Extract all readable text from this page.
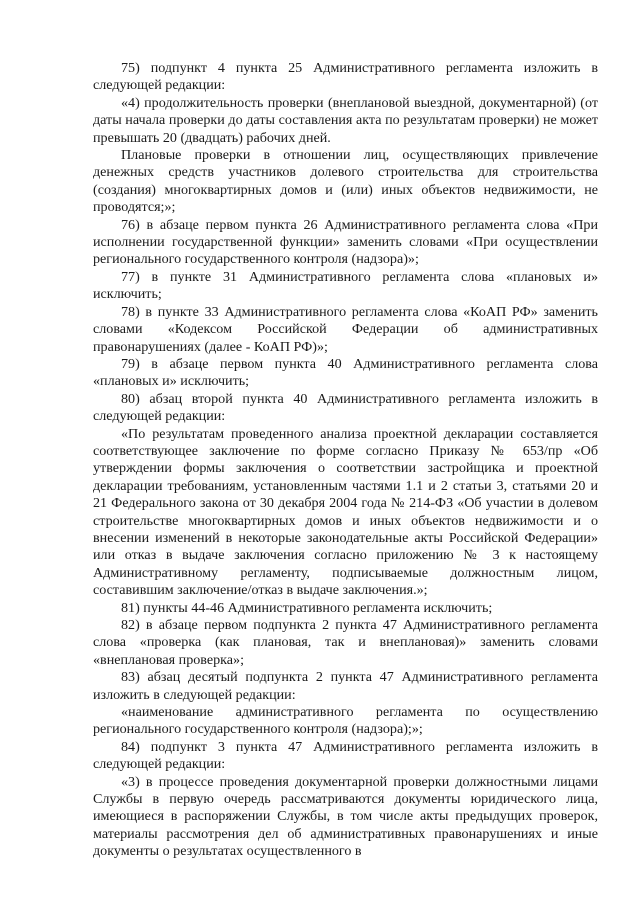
75) подпункт 4 пункта 25 Административного регламента изложить в следующей редакции:

«4) продолжительность проверки (внеплановой выездной, документарной) (от даты начала проверки до даты составления акта по результатам проверки) не может превышать 20 (двадцать) рабочих дней.

Плановые проверки в отношении лиц, осуществляющих привлечение денежных средств участников долевого строительства для строительства (создания) многоквартирных домов и (или) иных объектов недвижимости, не проводятся;»;

76) в абзаце первом пункта 26 Административного регламента слова «При исполнении государственной функции» заменить словами «При осуществлении регионального государственного контроля (надзора)»;

77) в пункте 31 Административного регламента слова «плановых и» исключить;

78) в пункте 33 Административного регламента слова «КоАП РФ» заменить словами «Кодексом Российской Федерации об административных правонарушениях (далее - КоАП РФ)»;

79) в абзаце первом пункта 40 Административного регламента слова «плановых и» исключить;

80) абзац второй пункта 40 Административного регламента изложить в следующей редакции:

«По результатам проведенного анализа проектной декларации составляется соответствующее заключение по форме согласно Приказу № 653/пр «Об утверждении формы заключения о соответствии застройщика и проектной декларации требованиям, установленным частями 1.1 и 2 статьи 3, статьями 20 и 21 Федерального закона от 30 декабря 2004 года № 214-ФЗ «Об участии в долевом строительстве многоквартирных домов и иных объектов недвижимости и о внесении изменений в некоторые законодательные акты Российской Федерации» или отказ в выдаче заключения согласно приложению № 3 к настоящему Административному регламенту, подписываемые должностным лицом, составившим заключение/отказ в выдаче заключения.»;

81) пункты 44-46 Административного регламента исключить;

82) в абзаце первом подпункта 2 пункта 47 Административного регламента слова «проверка (как плановая, так и внеплановая)» заменить словами «внеплановая проверка»;

83) абзац десятый подпункта 2 пункта 47 Административного регламента изложить в следующей редакции:

«наименование административного регламента по осуществлению регионального государственного контроля (надзора);»;

84) подпункт 3 пункта 47 Административного регламента изложить в следующей редакции:

«3) в процессе проведения документарной проверки должностными лицами Службы в первую очередь рассматриваются документы юридического лица, имеющиеся в распоряжении Службы, в том числе акты предыдущих проверок, материалы рассмотрения дел об административных правонарушениях и иные документы о результатах осуществленного в
